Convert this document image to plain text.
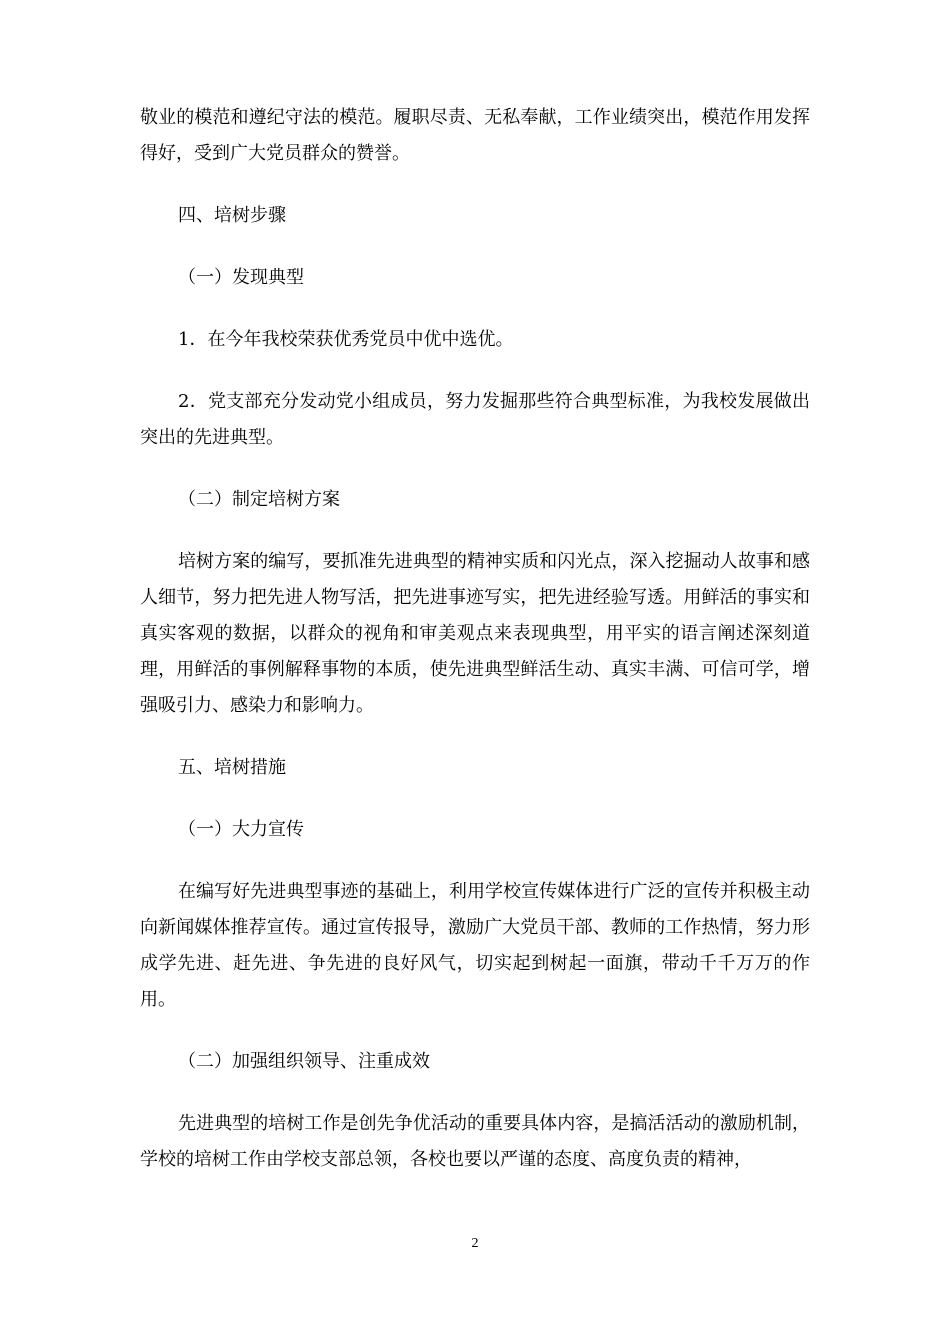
敬业的模范和遵纪守法的模范。履职尽责、无私奉献，工作业绩突出，模范作用发挥得好，受到广大党员群众的赞誉。

四、培树步骤

（一）发现典型

1．在今年我校荣获优秀党员中优中选优。

2．党支部充分发动党小组成员，努力发掘那些符合典型标准，为我校发展做出突出的先进典型。

（二）制定培树方案

培树方案的编写，要抓准先进典型的精神实质和闪光点，深入挖掘动人故事和感人细节，努力把先进人物写活，把先进事迹写实，把先进经验写透。用鲜活的事实和真实客观的数据，以群众的视角和审美观点来表现典型，用平实的语言阐述深刻道理，用鲜活的事例解释事物的本质，使先进典型鲜活生动、真实丰满、可信可学，增强吸引力、感染力和影响力。

五、培树措施

（一）大力宣传

在编写好先进典型事迹的基础上，利用学校宣传媒体进行广泛的宣传并积极主动向新闻媒体推荐宣传。通过宣传报导，激励广大党员干部、教师的工作热情，努力形成学先进、赶先进、争先进的良好风气，切实起到树起一面旗，带动千千万万的作用。

（二）加强组织领导、注重成效

先进典型的培树工作是创先争优活动的重要具体内容，是搞活活动的激励机制，学校的培树工作由学校支部总领，各校也要以严谨的态度、高度负责的精神，

2
